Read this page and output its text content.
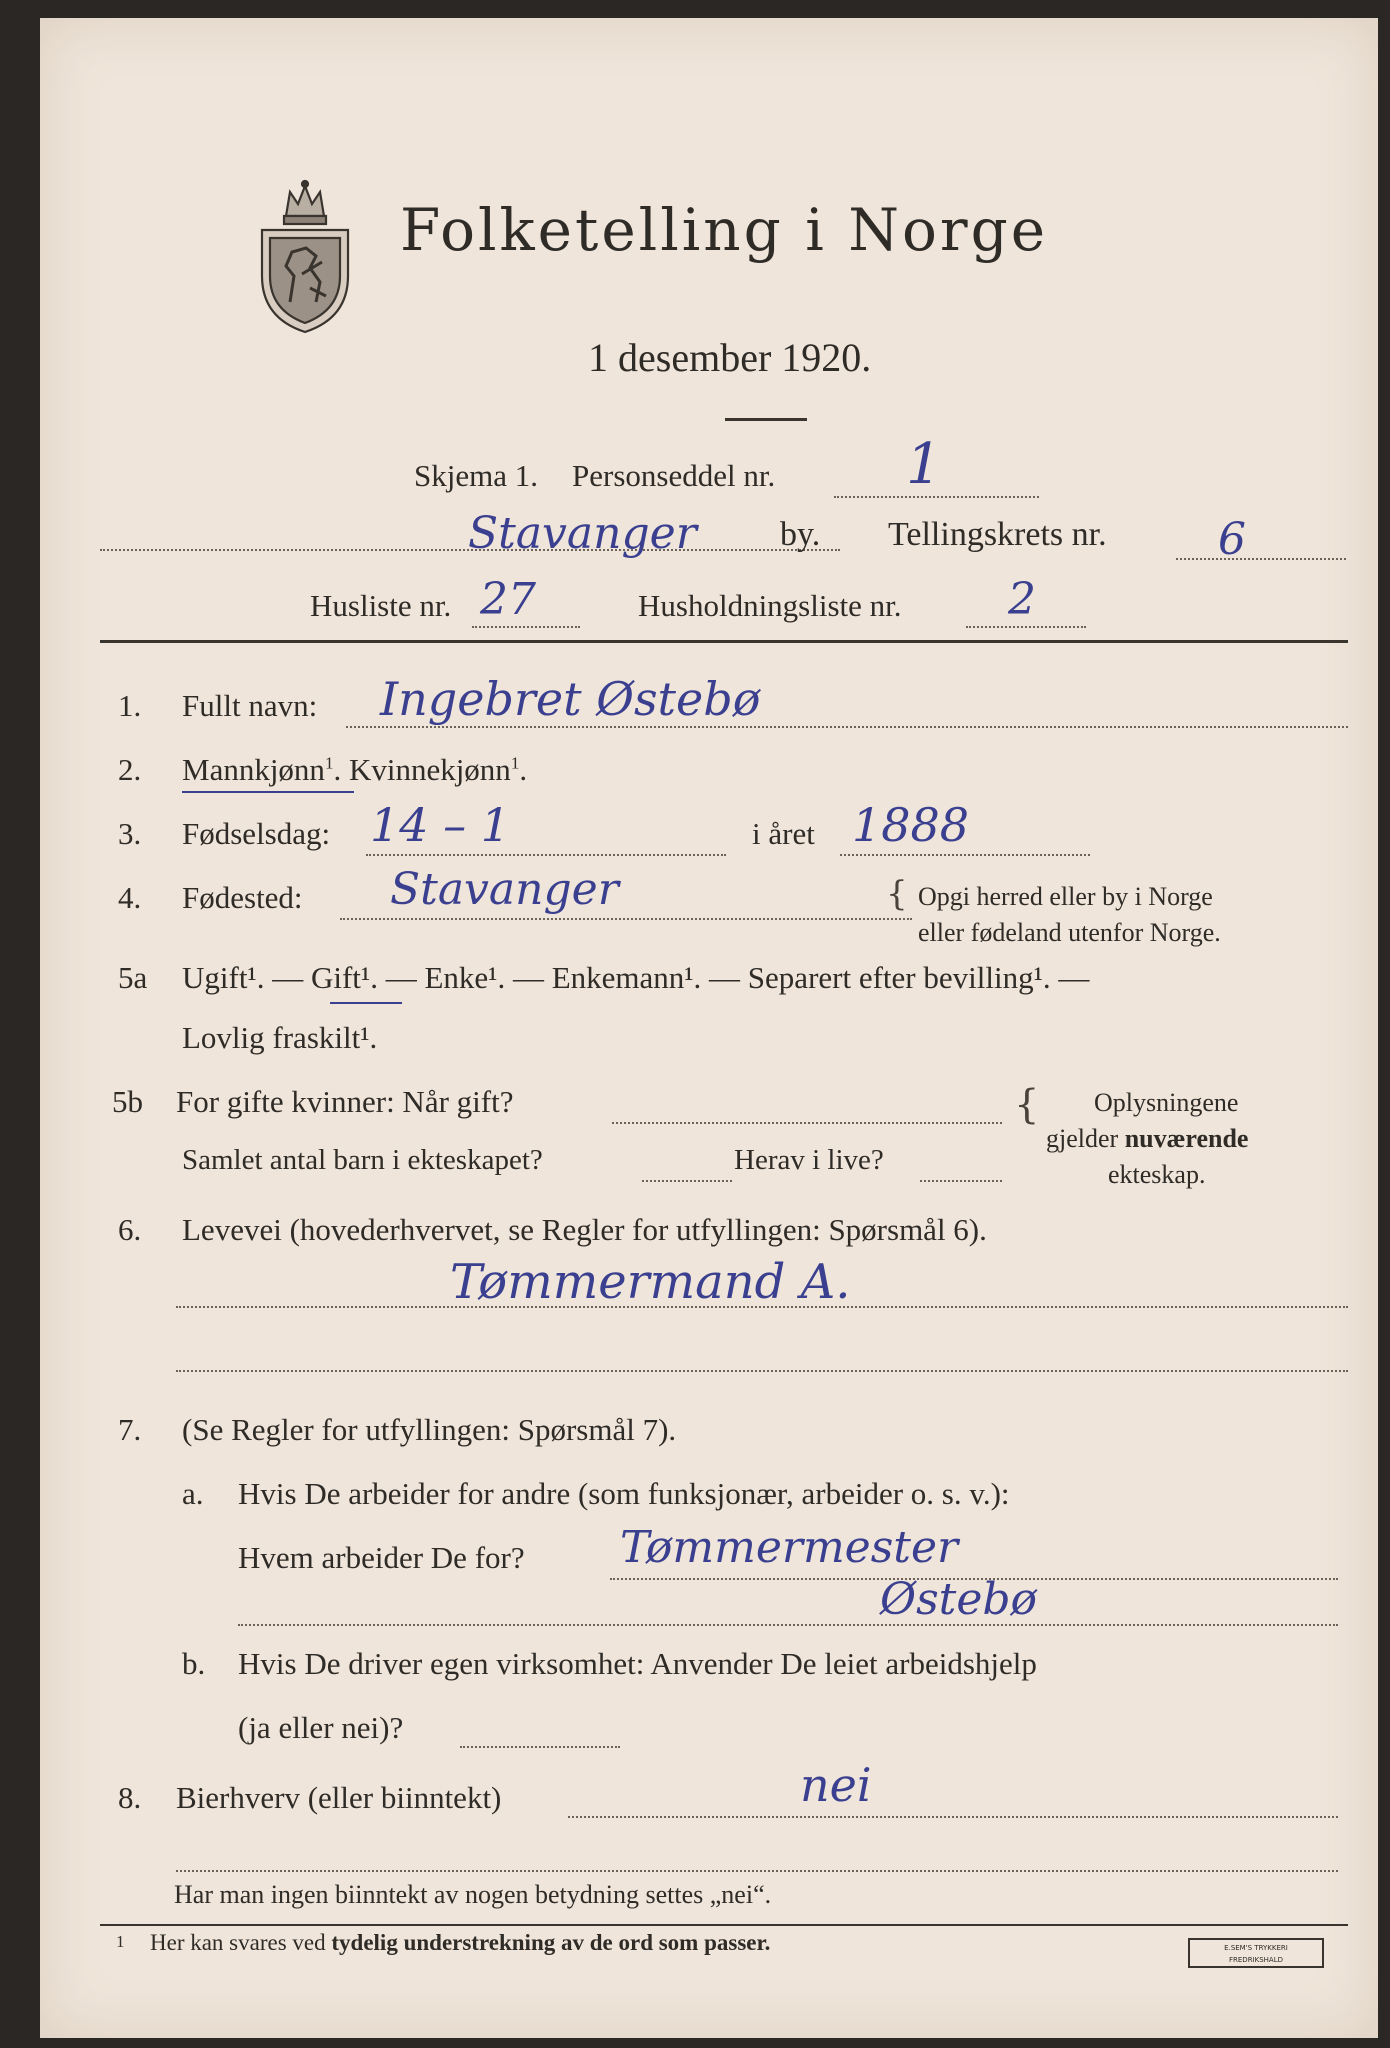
Folketelling i Norge
1 desember 1920.
Skjema 1. Personseddel nr. 1
Stavanger by. Tellingskrets nr.	6
Husliste nr. 27	Husholdningsliste nr. 2
1. Fullt navn: Ingebret Østebø
2. Mannkjønn$^1$. Kvinnekjønn$^1$.
3. Fødselsdag: 14 – 1	i året 1888
4. Fødested: Stavanger	{ Opgi herred eller by i Norge
eller fødeland utenfor Norge.
5a Ugift¹. — Gift¹. — Enke¹. — Enkemann¹. — Separert efter bevilling¹. —
Lovlig fraskilt¹.
5b For gifte kvinner: Når gift?
Samlet antal barn i ekteskapet?	Herav i live?
{ Oplysningene
gjelder nuværende
ekteskap.
6. Levevei (hovederhvervet, se Regler for utfyllingen: Spørsmål 6).
Tømmermand A.
7. (Se Regler for utfyllingen: Spørsmål 7).
a. Hvis De arbeider for andre (som funksjonær, arbeider o. s. v.):
Hvem arbeider De for? Tømmermester
Østebø
b. Hvis De driver egen virksomhet: Anvender De leiet arbeidshjelp
(ja eller nei)?
8. Bierhverv (eller biinntekt)	nei
Har man ingen biinntekt av nogen betydning settes „nei“.
1 Her kan svares ved tydelig understrekning av de ord som passer.	E.SEM'S TRYKKERI
FREDRIKSHALD
